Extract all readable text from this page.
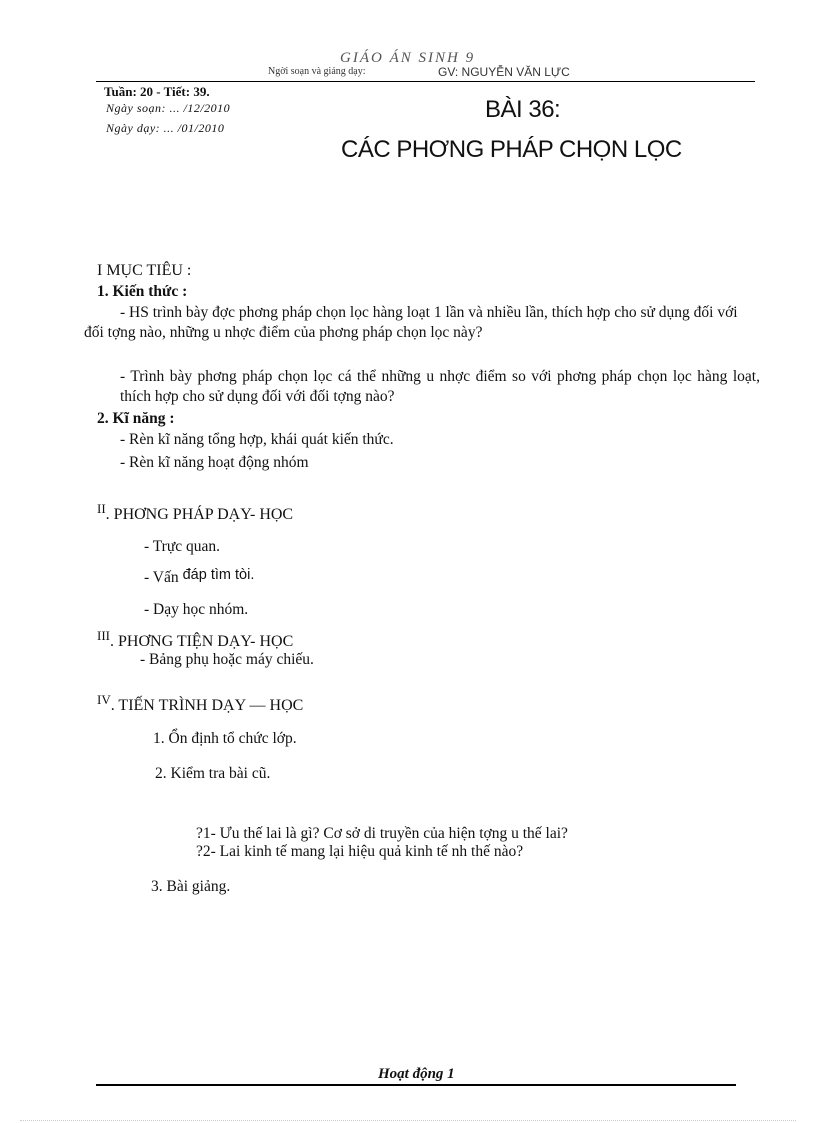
GIÁO ÁN SINH 9
Ngời soạn và giảng dạy:	GV: NGUYỄN VĂN LỰC
Tuần: 20 - Tiết: 39.
Ngày soạn: ... /12/2010
Ngày dạy: ... /01/2010
BÀI 36:
CÁC PHƠNG PHÁP CHỌN LỌC
I MỤC TIÊU :
1. Kiến thức :
- HS trình bày đợc phơng pháp chọn lọc hàng loạt 1 lần và nhiều lần, thích hợp cho sử dụng đối với đối tợng nào, những u nhợc điểm của phơng pháp chọn lọc này?
- Trình bày phơng pháp chọn lọc cá thể những u nhợc điểm so với phơng pháp chọn lọc hàng loạt, thích hợp cho sử dụng đối với đối tợng nào?
2. Kĩ năng :
- Rèn kĩ năng tổng hợp, khái quát kiến thức.
- Rèn kĩ năng hoạt động nhóm
$^{II}$. PHƠNG PHÁP DẠY- HỌC
- Trực quan.
- Vấn đáp tìm tòi.
- Dạy học nhóm.
$^{III}$. PHƠNG TIỆN DẠY- HỌC
- Bảng phụ hoặc máy chiếu.
$^{IV}$. TIẾN TRÌNH DẠY — HỌC
1. Ổn định tổ chức lớp.
2. Kiểm tra bài cũ.
?1- Ưu thế lai là gì? Cơ sở di truyền của hiện tợng u thế lai?
?2- Lai kinh tế mang lại hiệu quả kinh tế nh thế nào?
3. Bài giảng.
Hoạt động 1
